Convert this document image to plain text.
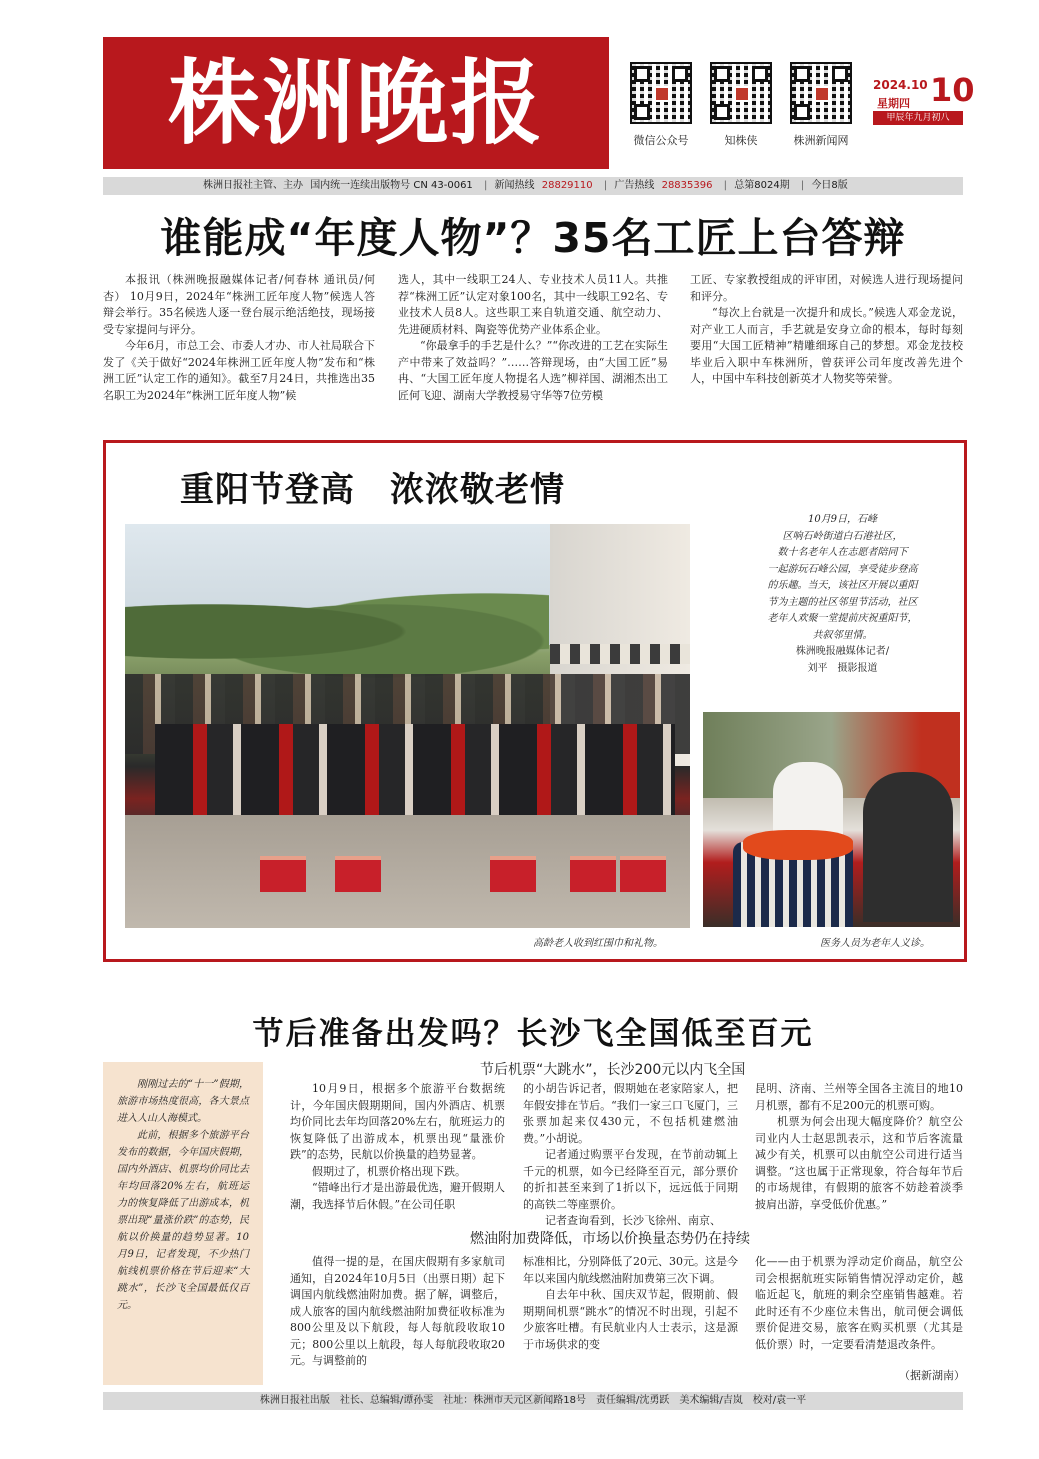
株洲晚报	微信公众号	知株侠	株洲新闻网
2024.10
星期四 10
甲辰年九月初八
株洲日报社主管、主办 国内统一连续出版物号 CN 43-0061 | 新闻热线 28829110 | 广告热线 28835396 | 总第8024期 | 今日8版
谁能成“年度人物”？35名工匠上台答辩

本报讯（株洲晚报融媒体记者/何春林 通讯员/何杏） 10月9日，2024年“株洲工匠年度人物”候选人答辩会举行。35名候选人逐一登台展示绝活绝技，现场接受专家提问与评分。

今年6月，市总工会、市委人才办、市人社局联合下发了《关于做好“2024年株洲工匠年度人物”发布和“株洲工匠”认定工作的通知》。截至7月24日，共推选出35名职工为2024年“株洲工匠年度人物”候

选人，其中一线职工24人、专业技术人员11人。共推荐“株洲工匠”认定对象100名，其中一线职工92名、专业技术人员8人。这些职工来自轨道交通、航空动力、先进硬质材料、陶瓷等优势产业体系企业。

“你最拿手的手艺是什么？”“你改进的工艺在实际生产中带来了效益吗？”……答辩现场，由“大国工匠”易冉、“大国工匠年度人物提名人选”柳祥国、湖湘杰出工匠何飞迎、湖南大学教授易守华等7位劳模

工匠、专家教授组成的评审团，对候选人进行现场提问和评分。

“每次上台就是一次提升和成长。”候选人邓金龙说，对产业工人而言，手艺就是安身立命的根本，每时每刻要用“大国工匠精神”精雕细琢自己的梦想。邓金龙技校毕业后入职中车株洲所，曾获评公司年度改善先进个人，中国中车科技创新英才人物奖等荣誉。

重阳节登高　浓浓敬老情
10月9日，石峰
区响石岭街道白石港社区，
数十名老年人在志愿者陪同下
一起游玩石峰公园，享受徒步登高
的乐趣。当天，该社区开展以重阳
节为主题的社区邻里节活动，社区
老年人欢聚一堂提前庆祝重阳节，
共叙邻里情。
株洲晚报融媒体记者/
刘平　摄影报道
高龄老人收到红围巾和礼物。	医务人员为老年人义诊。
节后准备出发吗？长沙飞全国低至百元
节后机票“大跳水”，长沙200元以内飞全国

刚刚过去的“十一”假期，旅游市场热度很高，各大景点进入人山人海模式。

此前，根据多个旅游平台发布的数据，今年国庆假期，国内外酒店、机票均价同比去年均回落20%左右，航班运力的恢复降低了出游成本，机票出现“量涨价跌”的态势，民航以价换量的趋势显著。10月9日，记者发现，不少热门航线机票价格在节后迎来“大跳水”，长沙飞全国最低仅百元。

10月9日，根据多个旅游平台数据统计，今年国庆假期期间，国内外酒店、机票均价同比去年均回落20%左右，航班运力的恢复降低了出游成本，机票出现“量涨价跌”的态势，民航以价换量的趋势显著。

假期过了，机票价格出现下跌。

“错峰出行才是出游最优选，避开假期人潮，我选择节后休假。”在公司任职

的小胡告诉记者，假期她在老家陪家人，把年假安排在节后。“我们一家三口飞厦门，三张票加起来仅430元，不包括机建燃油费。”小胡说。

记者通过购票平台发现，在节前动辄上千元的机票，如今已经降至百元，部分票价的折扣甚至来到了1折以下，远远低于同期的高铁二等座票价。

记者查询看到，长沙飞徐州、南京、

昆明、济南、兰州等全国各主流目的地10月机票，都有不足200元的机票可购。

机票为何会出现大幅度降价？航空公司业内人士赵思凯表示，这和节后客流量减少有关，机票可以由航空公司进行适当调整。“这也属于正常现象，符合每年节后的市场规律，有假期的旅客不妨趁着淡季披肩出游，享受低价优惠。”

燃油附加费降低，市场以价换量态势仍在持续

值得一提的是，在国庆假期有多家航司通知，自2024年10月5日（出票日期）起下调国内航线燃油附加费。据了解，调整后，成人旅客的国内航线燃油附加费征收标准为800公里及以下航段，每人每航段收取10元；800公里以上航段，每人每航段收取20元。与调整前的

标准相比，分别降低了20元、30元。这是今年以来国内航线燃油附加费第三次下调。

自去年中秋、国庆双节起，假期前、假期期间机票“跳水”的情况不时出现，引起不少旅客吐槽。有民航业内人士表示，这是源于市场供求的变

化——由于机票为浮动定价商品，航空公司会根据航班实际销售情况浮动定价，越临近起飞，航班的剩余空座销售越难。若此时还有不少座位未售出，航司便会调低票价促进交易，旅客在购买机票（尤其是低价票）时，一定要看清楚退改条件。

（据新湖南）
株洲日报社出版　社长、总编辑/谭孙雯　社址：株洲市天元区新闻路18号　责任编辑/沈勇跃　美术编辑/吉岚　校对/袁一平
